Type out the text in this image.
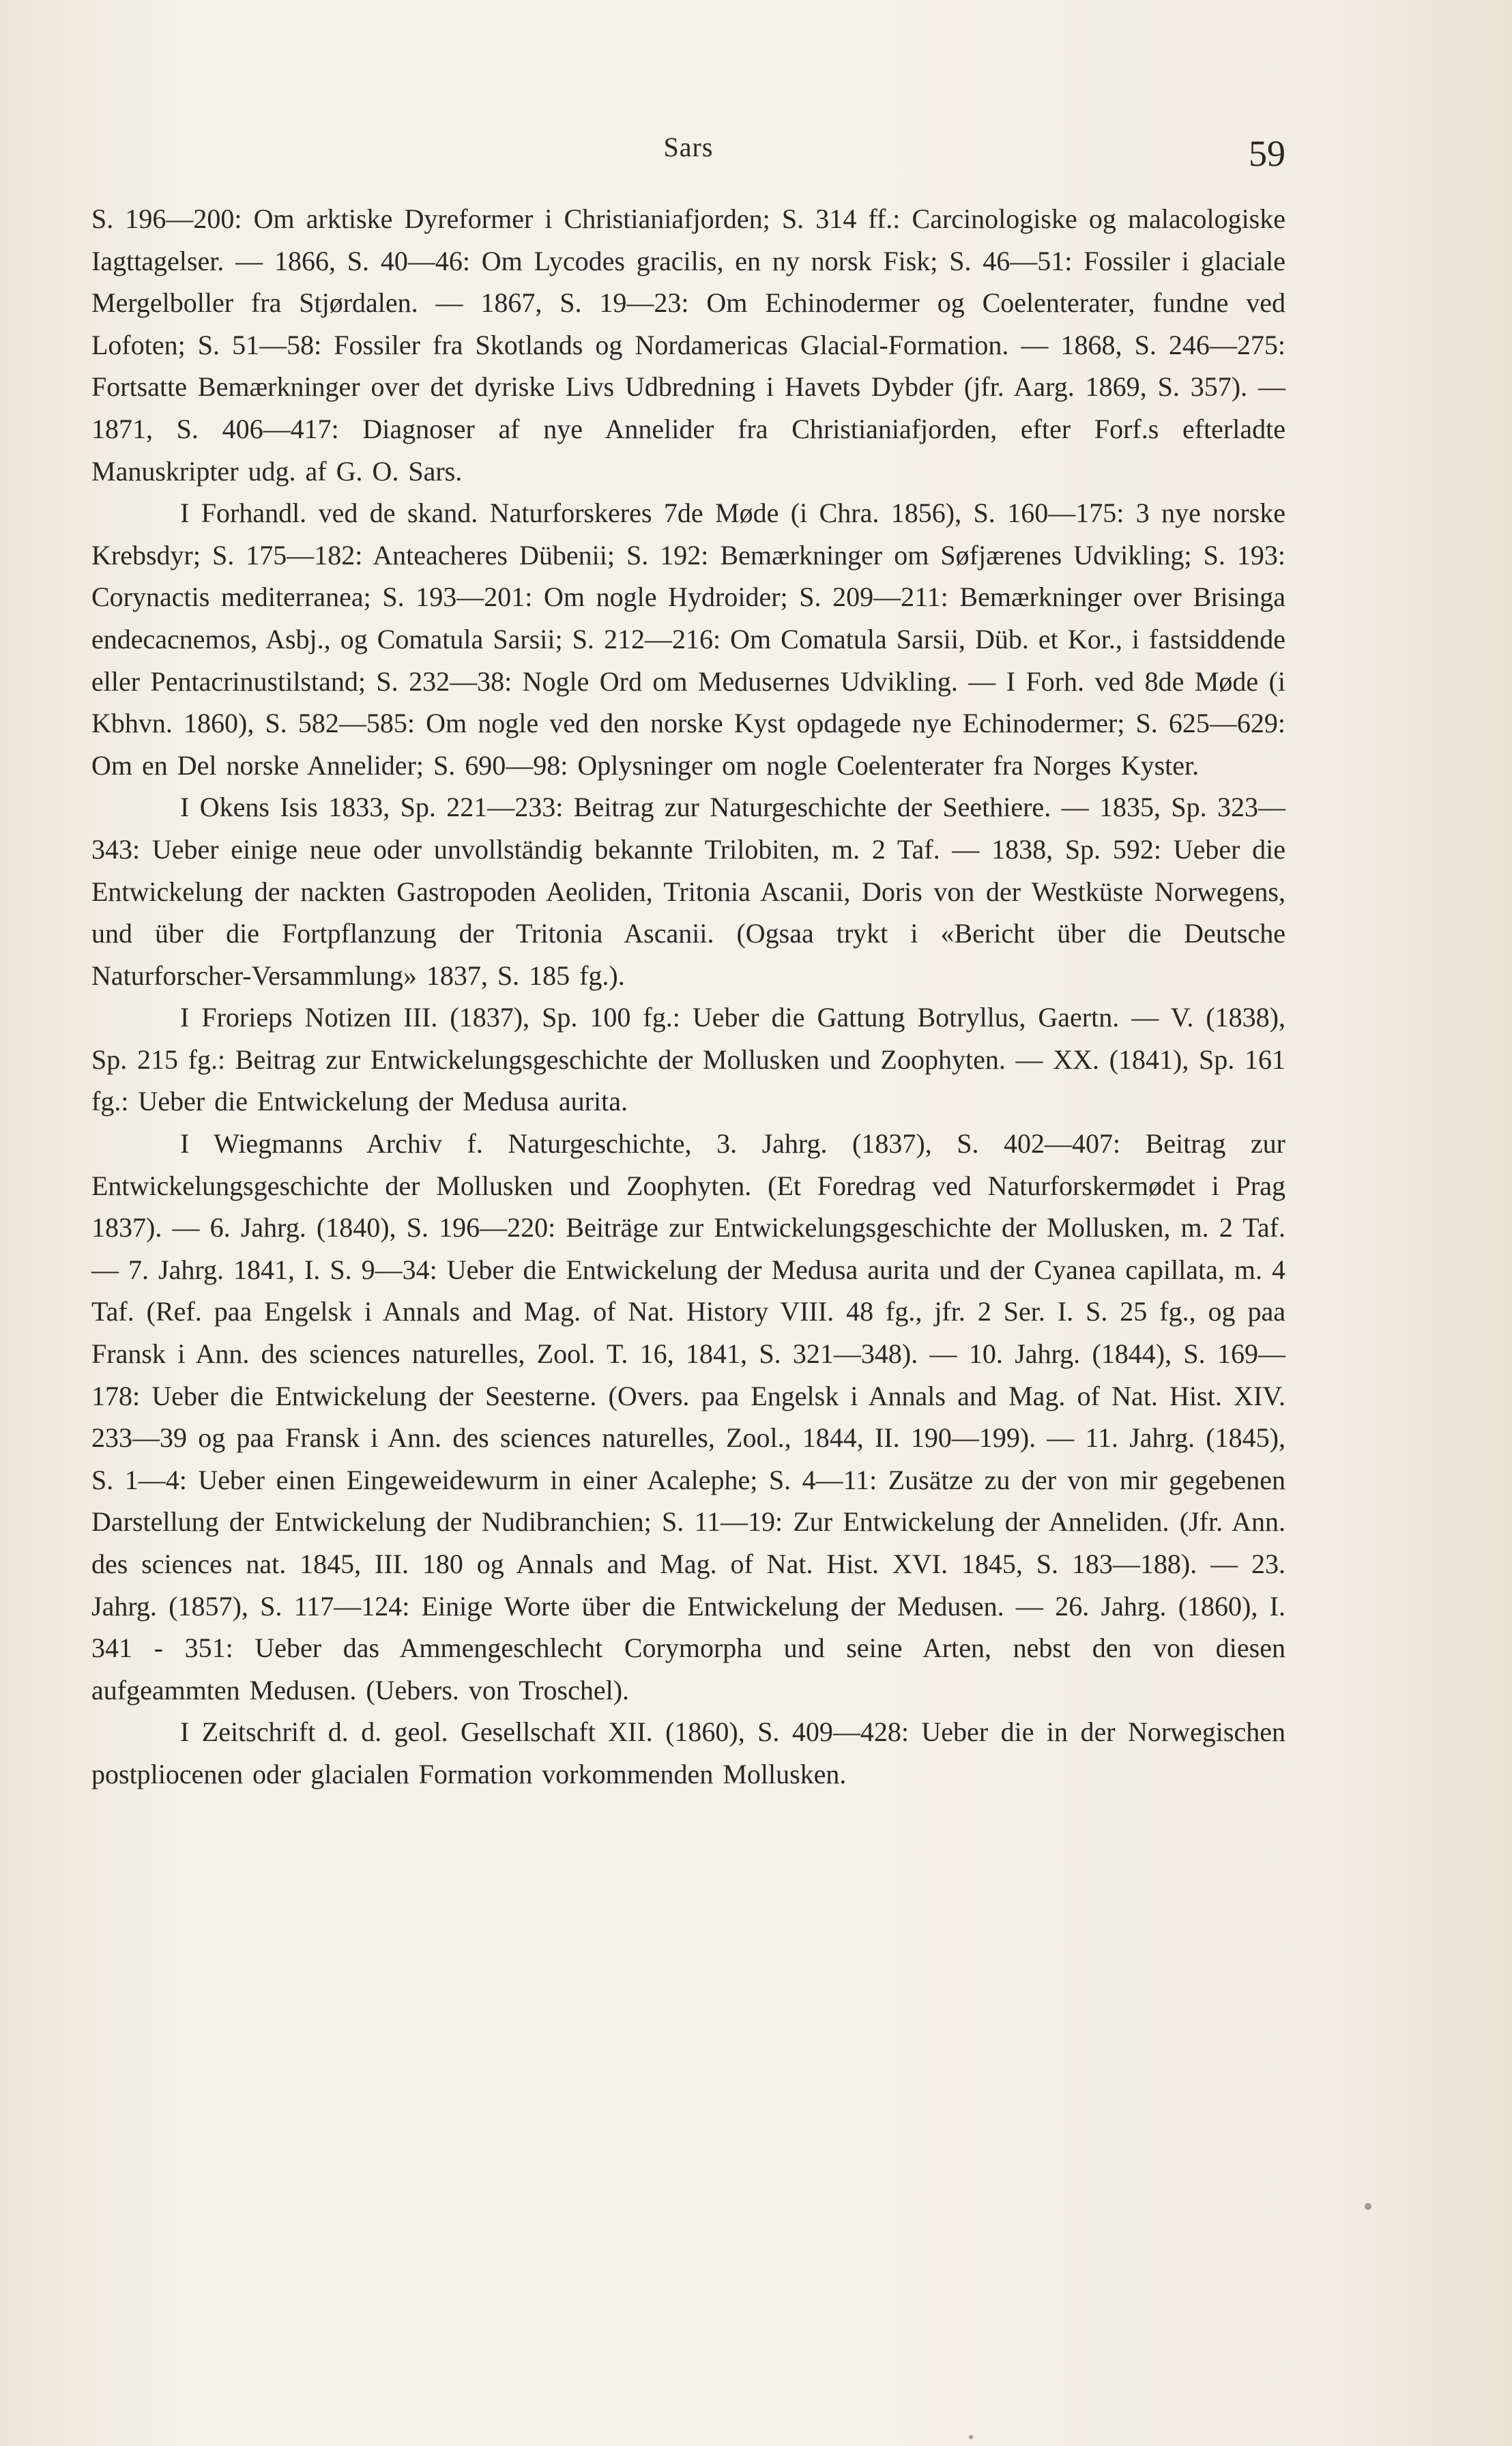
Sars	59

S. 196—200: Om arktiske Dyreformer i Christianiafjorden; S. 314 ff.: Carcinologiske og malacologiske Iagttagelser. — 1866, S. 40—46: Om Lycodes gracilis, en ny norsk Fisk; S. 46—51: Fossiler i glaciale Mergelboller fra Stjørdalen. — 1867, S. 19—23: Om Echinodermer og Coelenterater, fundne ved Lofoten; S. 51—58: Fossiler fra Skotlands og Nordamericas Glacial-Formation. — 1868, S. 246—275: Fortsatte Bemærkninger over det dyriske Livs Udbredning i Havets Dybder (jfr. Aarg. 1869, S. 357). — 1871, S. 406—417: Diagnoser af nye Annelider fra Christianiafjorden, efter Forf.s efterladte Manuskripter udg. af G. O. Sars.

I Forhandl. ved de skand. Naturforskeres 7de Møde (i Chra. 1856), S. 160—175: 3 nye norske Krebsdyr; S. 175—182: Anteacheres Dübenii; S. 192: Bemærkninger om Søfjærenes Udvikling; S. 193: Corynactis mediterranea; S. 193—201: Om nogle Hydroider; S. 209—211: Bemærkninger over Brisinga endecacnemos, Asbj., og Comatula Sarsii; S. 212—216: Om Comatula Sarsii, Düb. et Kor., i fastsiddende eller Pentacrinustilstand; S. 232—38: Nogle Ord om Medusernes Udvikling. — I Forh. ved 8de Møde (i Kbhvn. 1860), S. 582—585: Om nogle ved den norske Kyst opdagede nye Echinodermer; S. 625—629: Om en Del norske Annelider; S. 690—98: Oplysninger om nogle Coelenterater fra Norges Kyster.

I Okens Isis 1833, Sp. 221—233: Beitrag zur Naturgeschichte der Seethiere. — 1835, Sp. 323—343: Ueber einige neue oder unvollständig bekannte Trilobiten, m. 2 Taf. — 1838, Sp. 592: Ueber die Entwickelung der nackten Gastropoden Aeoliden, Tritonia Ascanii, Doris von der Westküste Norwegens, und über die Fortpflanzung der Tritonia Ascanii. (Ogsaa trykt i «Bericht über die Deutsche Naturforscher-Versammlung» 1837, S. 185 fg.).

I Frorieps Notizen III. (1837), Sp. 100 fg.: Ueber die Gattung Botryllus, Gaertn. — V. (1838), Sp. 215 fg.: Beitrag zur Entwickelungsgeschichte der Mollusken und Zoophyten. — XX. (1841), Sp. 161 fg.: Ueber die Entwickelung der Medusa aurita.

I Wiegmanns Archiv f. Naturgeschichte, 3. Jahrg. (1837), S. 402—407: Beitrag zur Entwickelungsgeschichte der Mollusken und Zoophyten. (Et Foredrag ved Naturforskermødet i Prag 1837). — 6. Jahrg. (1840), S. 196—220: Beiträge zur Entwickelungsgeschichte der Mollusken, m. 2 Taf. — 7. Jahrg. 1841, I. S. 9—34: Ueber die Entwickelung der Medusa aurita und der Cyanea capillata, m. 4 Taf. (Ref. paa Engelsk i Annals and Mag. of Nat. History VIII. 48 fg., jfr. 2 Ser. I. S. 25 fg., og paa Fransk i Ann. des sciences naturelles, Zool. T. 16, 1841, S. 321—348). — 10. Jahrg. (1844), S. 169—178: Ueber die Entwickelung der Seesterne. (Overs. paa Engelsk i Annals and Mag. of Nat. Hist. XIV. 233—39 og paa Fransk i Ann. des sciences naturelles, Zool., 1844, II. 190—199). — 11. Jahrg. (1845), S. 1—4: Ueber einen Eingeweidewurm in einer Acalephe; S. 4—11: Zusätze zu der von mir gegebenen Darstellung der Entwickelung der Nudibranchien; S. 11—19: Zur Entwickelung der Anneliden. (Jfr. Ann. des sciences nat. 1845, III. 180 og Annals and Mag. of Nat. Hist. XVI. 1845, S. 183—188). — 23. Jahrg. (1857), S. 117—124: Einige Worte über die Entwickelung der Medusen. — 26. Jahrg. (1860), I. 341 - 351: Ueber das Ammengeschlecht Corymorpha und seine Arten, nebst den von diesen aufgeammten Medusen. (Uebers. von Troschel).

I Zeitschrift d. d. geol. Gesellschaft XII. (1860), S. 409—428: Ueber die in der Norwegischen postpliocenen oder glacialen Formation vorkommenden Mollusken.
